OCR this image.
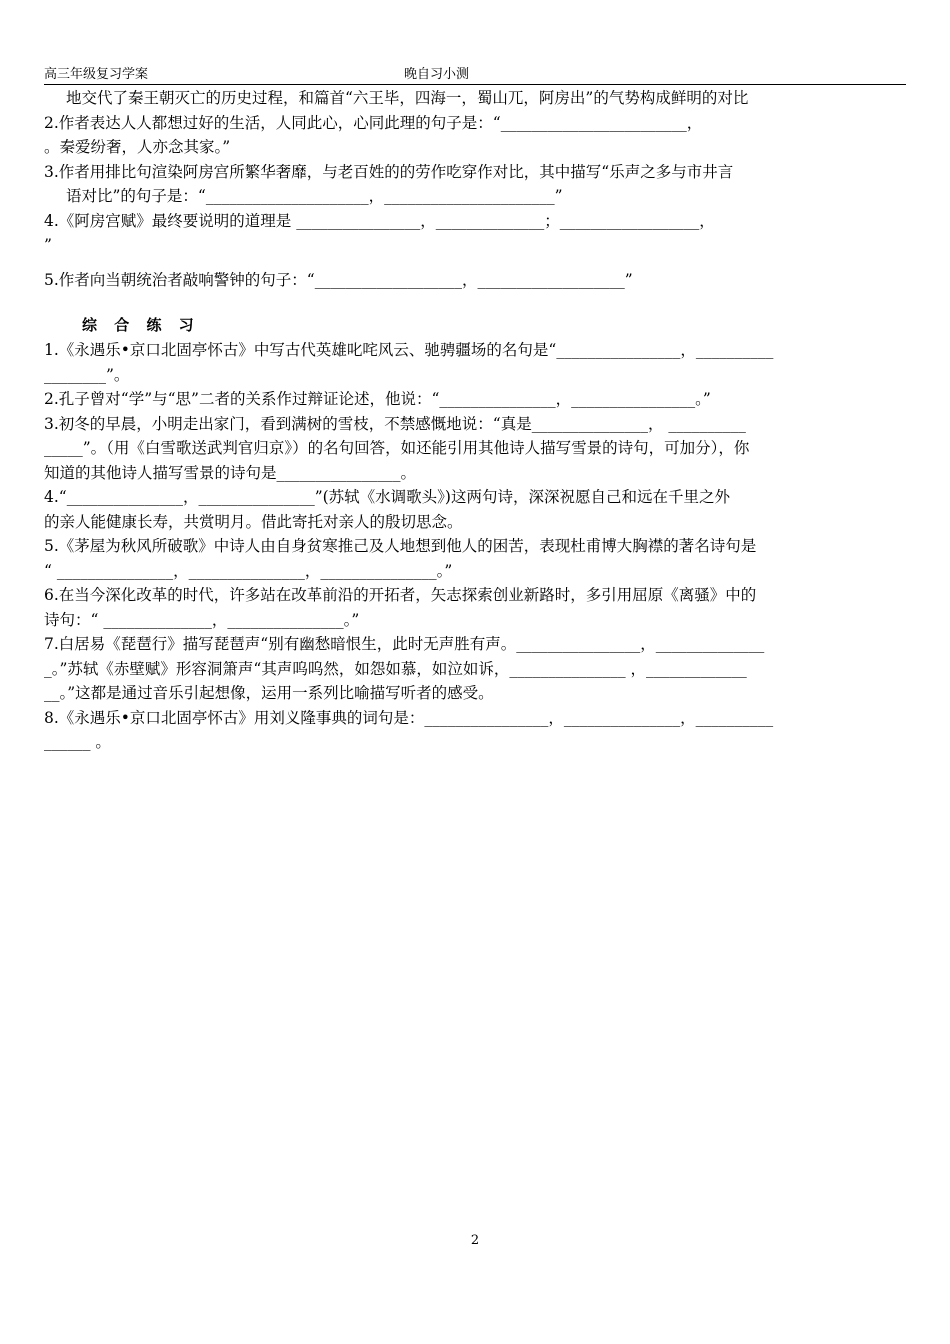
高三年级复习学案	晚自习小测
地交代了秦王朝灭亡的历史过程，和篇首“六王毕，四海一，蜀山兀，阿房出”的气势构成鲜明的对比
2.作者表达人人都想过好的生活，人同此心，心同此理的句子是：“________________________，
。秦爱纷奢，人亦念其家。”
3.作者用排比句渲染阿房宫所繁华奢靡，与老百姓的的劳作吃穿作对比，其中描写“乐声之多与市井言
语对比”的句子是：“_____________________，______________________”
4.《阿房宫赋》最终要说明的道理是 ________________，______________；__________________，
”
5.作者向当朝统治者敲响警钟的句子：“___________________，___________________”
综 合 练 习
1.《永遇乐•京口北固亭怀古》中写古代英雄叱咤风云、驰骋疆场的名句是“________________，__________
________”。
2.孔子曾对“学”与“思”二者的关系作过辩证论述，他说：“_______________，________________。”
3.初冬的早晨，小明走出家门，看到满树的雪枝，不禁感慨地说：“真是_______________， __________
_____”。（用《白雪歌送武判官归京》）的名句回答，如还能引用其他诗人描写雪景的诗句，可加分），你
知道的其他诗人描写雪景的诗句是________________。
4.“_______________，_______________”(苏轼《水调歌头》)这两句诗，深深祝愿自己和远在千里之外
的亲人能健康长寿，共赏明月。借此寄托对亲人的殷切思念。
5.《茅屋为秋风所破歌》中诗人由自身贫寒推己及人地想到他人的困苦，表现杜甫博大胸襟的著名诗句是
“ _______________，_______________，_______________。”
6.在当今深化改革的时代，许多站在改革前沿的开拓者，矢志探索创业新路时，多引用屈原《离骚》中的
诗句：“ ______________，_______________。”
7.白居易《琵琶行》描写琵琶声“别有幽愁暗恨生，此时无声胜有声。________________，______________
_。”苏轼《赤壁赋》形容洞箫声“其声呜呜然，如怨如慕，如泣如诉，_______________ ，_____________
__。”这都是通过音乐引起想像，运用一系列比喻描写听者的感受。
8.《永遇乐•京口北固亭怀古》用刘义隆事典的词句是：________________，_______________，__________
______ 。
2
